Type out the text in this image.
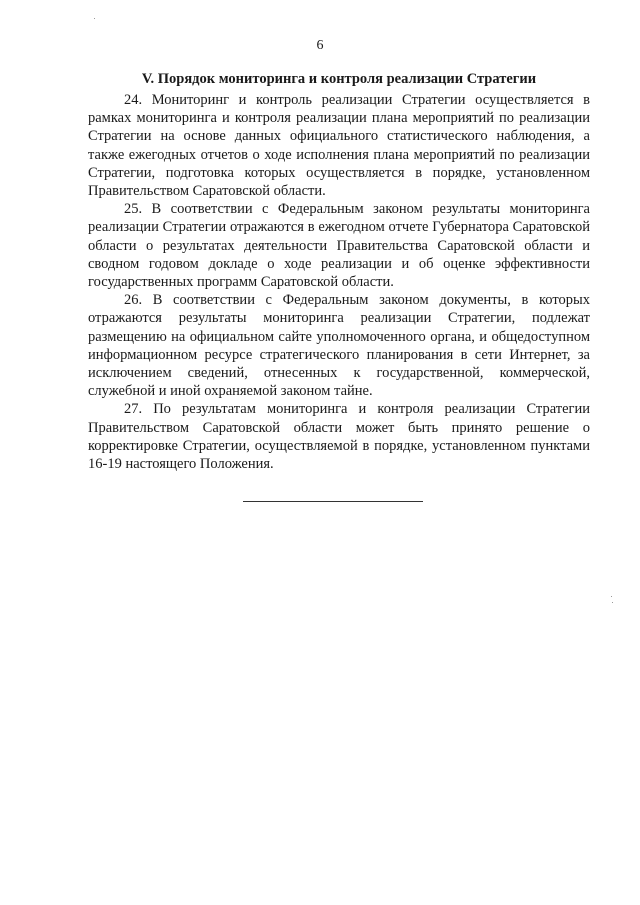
6
V. Порядок мониторинга и контроля реализации Стратегии

24. Мониторинг и контроль реализации Стратегии осуществляется в рамках мониторинга и контроля реализации плана мероприятий по реализации Стратегии на основе данных официального статистического наблюдения, а также ежегодных отчетов о ходе исполнения плана мероприятий по реализации Стратегии, подготовка которых осуществляется в порядке, установленном Правительством Саратовской области.

25. В соответствии с Федеральным законом результаты мониторинга реализации Стратегии отражаются в ежегодном отчете Губернатора Саратовской области о результатах деятельности Правительства Саратовской области и сводном годовом докладе о ходе реализации и об оценке эффективности государственных программ Саратовской области.

26. В соответствии с Федеральным законом документы, в которых отражаются результаты мониторинга реализации Стратегии, подлежат размещению на официальном сайте уполномоченного органа, и общедоступном информационном ресурсе стратегического планирования в сети Интернет, за исключением сведений, отнесенных к государственной, коммерческой, служебной и иной охраняемой законом тайне.

27. По результатам мониторинга и контроля реализации Стратегии Правительством Саратовской области может быть принято решение о корректировке Стратегии, осуществляемой в порядке, установленном пунктами 16-19 настоящего Положения.
